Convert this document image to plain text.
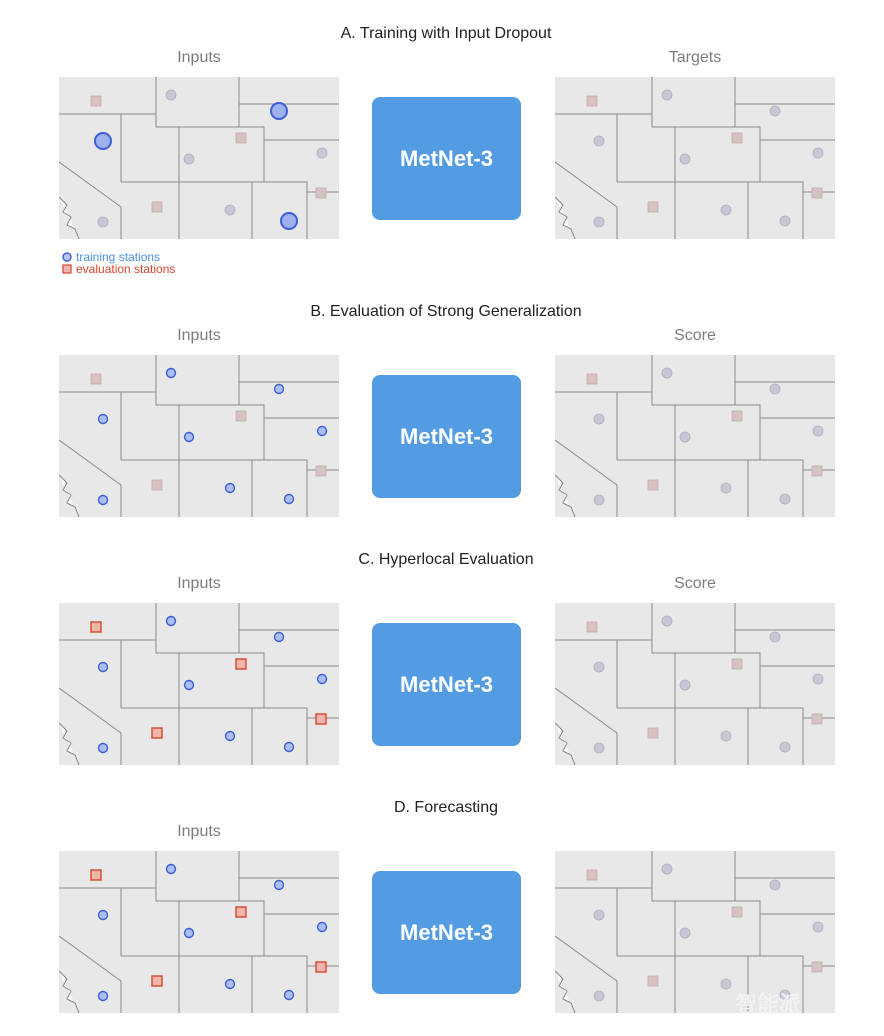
A. Training with Input Dropout
Inputs	Targets
MetNet-3
training stations
evaluation stations
B. Evaluation of Strong Generalization
Inputs	Score
MetNet-3
C. Hyperlocal Evaluation
Inputs	Score
MetNet-3
D. Forecasting
Inputs
MetNet-3
智能派
